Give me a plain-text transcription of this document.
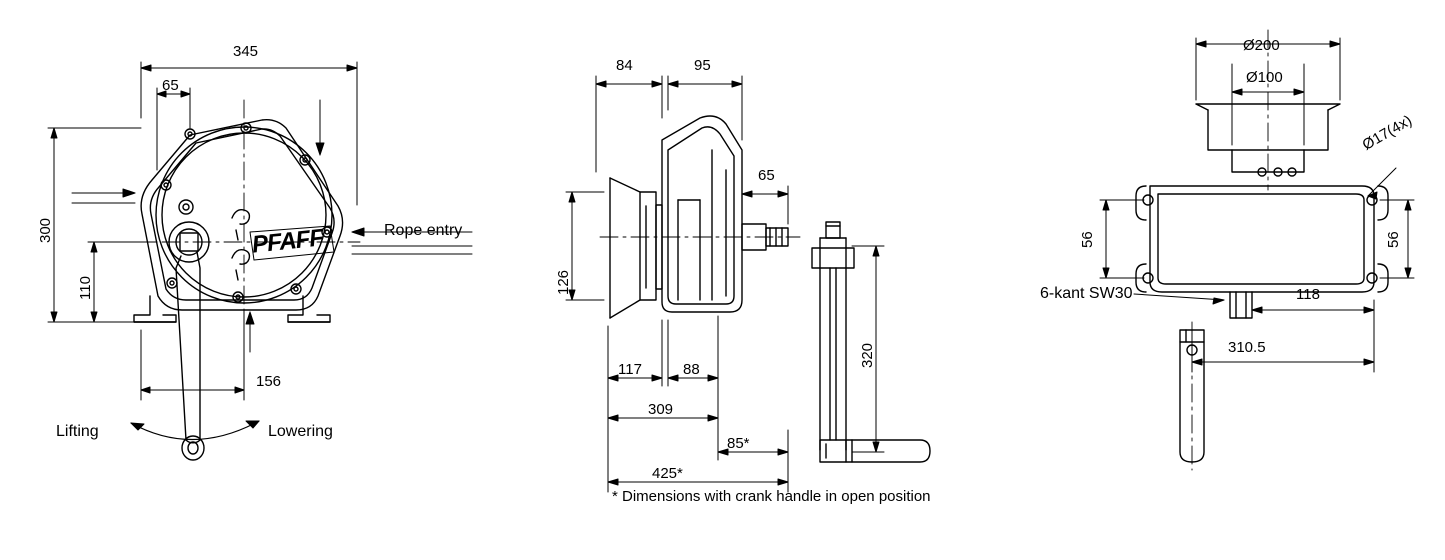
345
65
300
110
156
Rope entry
Lifting	Lowering
PFAFF
84	95
65
126
117	88
309
320
85*
425*
* Dimensions with crank handle in open position
Ø200
Ø100
Ø17(4x)
56	56
118
310.5
6-kant SW30
